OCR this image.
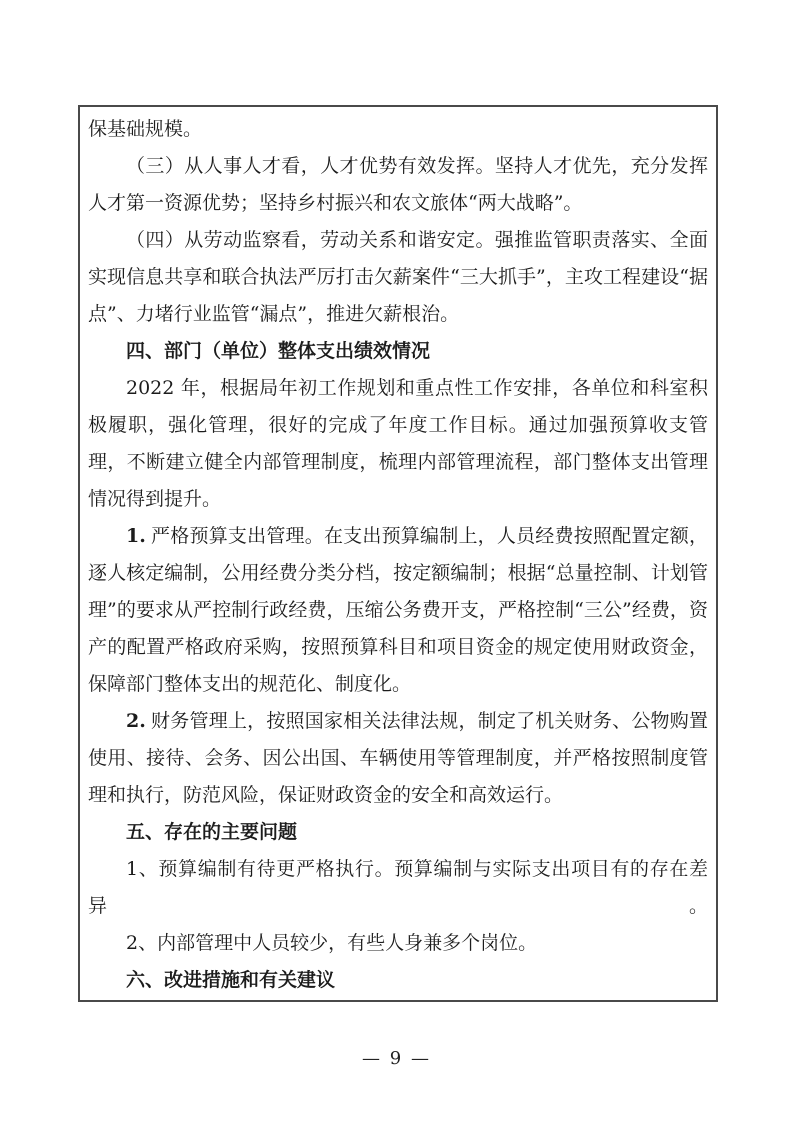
保基础规模。

（三）从人事人才看，人才优势有效发挥。坚持人才优先，充分发挥人才第一资源优势；坚持乡村振兴和农文旅体“两大战略”。

（四）从劳动监察看，劳动关系和谐安定。强推监管职责落实、全面实现信息共享和联合执法严厉打击欠薪案件“三大抓手”，主攻工程建设“据点”、力堵行业监管“漏点”，推进欠薪根治。

四、部门（单位）整体支出绩效情况

2022 年，根据局年初工作规划和重点性工作安排，各单位和科室积极履职，强化管理，很好的完成了年度工作目标。通过加强预算收支管理，不断建立健全内部管理制度，梳理内部管理流程，部门整体支出管理情况得到提升。

1. 严格预算支出管理。在支出预算编制上，人员经费按照配置定额，逐人核定编制，公用经费分类分档，按定额编制；根据“总量控制、计划管理”的要求从严控制行政经费，压缩公务费开支，严格控制“三公”经费，资产的配置严格政府采购，按照预算科目和项目资金的规定使用财政资金，保障部门整体支出的规范化、制度化。

2. 财务管理上，按照国家相关法律法规，制定了机关财务、公物购置使用、接待、会务、因公出国、车辆使用等管理制度，并严格按照制度管理和执行，防范风险，保证财政资金的安全和高效运行。

五、存在的主要问题

1、预算编制有待更严格执行。预算编制与实际支出项目有的存在差异。

2、内部管理中人员较少，有些人身兼多个岗位。

六、改进措施和有关建议

— 9 —
